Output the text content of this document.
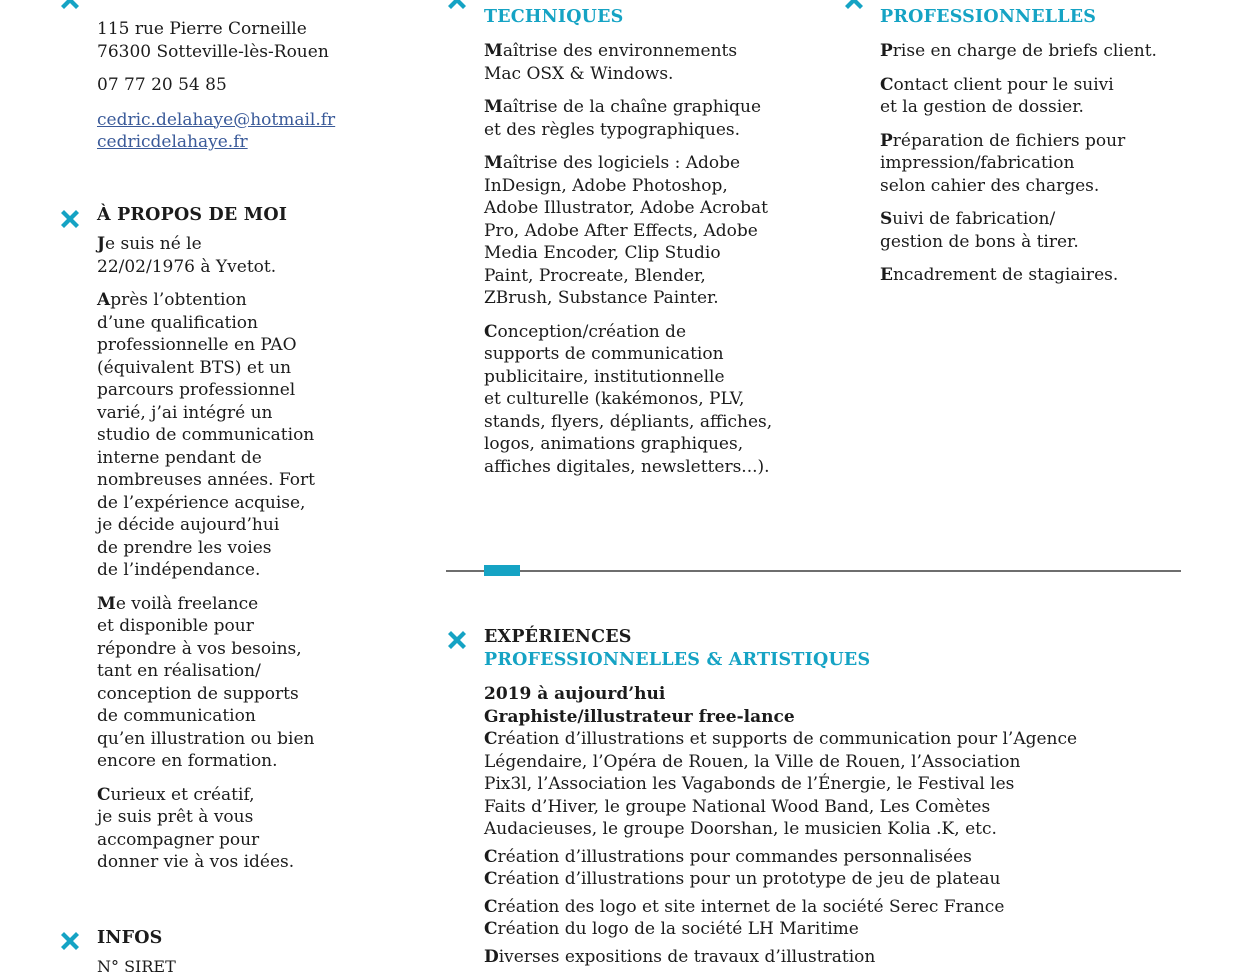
115 rue Pierre Corneille

76300 Sotteville-lès-Rouen

07 77 20 54 85

cedric.delahaye@hotmail.fr

cedricdelahaye.fr

À PROPOS DE MOI
Je suis né le
22/02/1976 à Yvetot.
Après l’obtention
d’une qualification
professionnelle en PAO
(équivalent BTS) et un
parcours professionnel
varié, j’ai intégré un
studio de communication
interne pendant de
nombreuses années. Fort
de l’expérience acquise,
je décide aujourd’hui
de prendre les voies
de l’indépendance.
Me voilà freelance
et disponible pour
répondre à vos besoins,
tant en réalisation/
conception de supports
de communication
qu’en illustration ou bien
encore en formation.
Curieux et créatif,
je suis prêt à vous
accompagner pour
donner vie à vos idées.
INFOS
N° SIRET
TECHNIQUES
Maîtrise des environnements
Mac OSX & Windows.
Maîtrise de la chaîne graphique
et des règles typographiques.
Maîtrise des logiciels : Adobe
InDesign, Adobe Photoshop,
Adobe Illustrator, Adobe Acrobat
Pro, Adobe After Effects, Adobe
Media Encoder, Clip Studio
Paint, Procreate, Blender,
ZBrush, Substance Painter.
Conception/création de
supports de communication
publicitaire, institutionnelle
et culturelle (kakémonos, PLV,
stands, flyers, dépliants, affiches,
logos, animations graphiques,
affiches digitales, newsletters...).
PROFESSIONNELLES
Prise en charge de briefs client.
Contact client pour le suivi
et la gestion de dossier.
Préparation de fichiers pour
impression/fabrication
selon cahier des charges.
Suivi de fabrication/
gestion de bons à tirer.
Encadrement de stagiaires.
EXPÉRIENCES
PROFESSIONNELLES & ARTISTIQUES
2019 à aujourd’hui
Graphiste/illustrateur free-lance
Création d’illustrations et supports de communication pour l’Agence
Légendaire, l’Opéra de Rouen, la Ville de Rouen, l’Association
Pix3l, l’Association les Vagabonds de l’Énergie, le Festival les
Faits d’Hiver, le groupe National Wood Band, Les Comètes
Audacieuses, le groupe Doorshan, le musicien Kolia .K, etc.
Création d’illustrations pour commandes personnalisées
Création d’illustrations pour un prototype de jeu de plateau
Création des logo et site internet de la société Serec France
Création du logo de la société LH Maritime
Diverses expositions de travaux d’illustration
